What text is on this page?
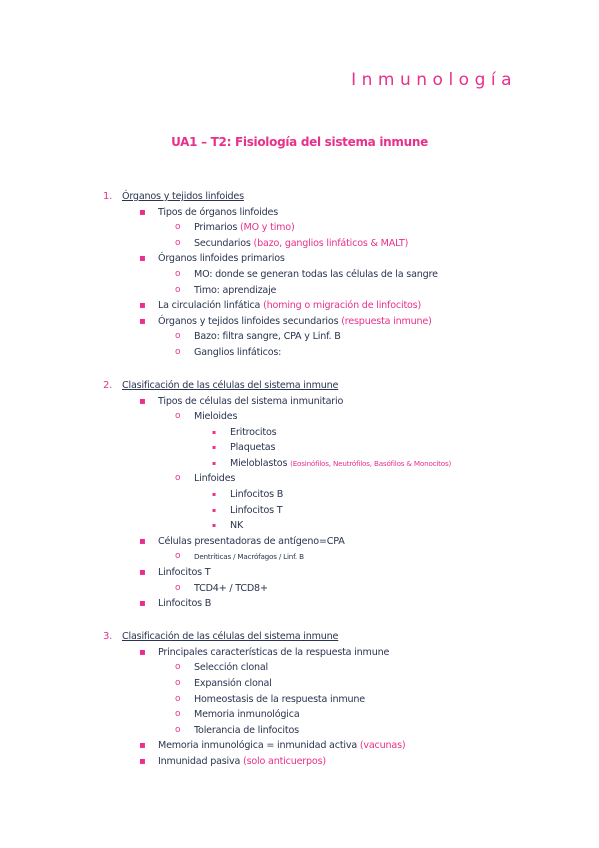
Inmunología
UA1 – T2: Fisiología del sistema inmune
1. Órganos y tejidos linfoides
▪ Tipos de órganos linfoides
o Primarios (MO y timo)
o Secundarios (bazo, ganglios linfáticos & MALT)
▪ Órganos linfoides primarios
o MO: donde se generan todas las células de la sangre
o Timo: aprendizaje
▪ La circulación linfática (homing o migración de linfocitos)
▪ Órganos y tejidos linfoides secundarios (respuesta inmune)
o Bazo: filtra sangre, CPA y Linf. B
o Ganglios linfáticos:
2. Clasificación de las células del sistema inmune
▪ Tipos de células del sistema inmunitario
o Mieloides
▪ Eritrocitos
▪ Plaquetas
▪ Mieloblastos (Eosinófilos, Neutrófilos, Basófilos & Monocitos)
o Linfoides
▪ Linfocitos B
▪ Linfocitos T
▪ NK
▪ Células presentadoras de antígeno=CPA
o Dentríticas / Macrófagos / Linf. B
▪ Linfocitos T
o TCD4+ / TCD8+
▪ Linfocitos B
3. Clasificación de las células del sistema inmune
▪ Principales características de la respuesta inmune
o Selección clonal
o Expansión clonal
o Homeostasis de la respuesta inmune
o Memoria inmunológica
o Tolerancia de linfocitos
▪ Memoria inmunológica = inmunidad activa (vacunas)
▪ Inmunidad pasiva (solo anticuerpos)
